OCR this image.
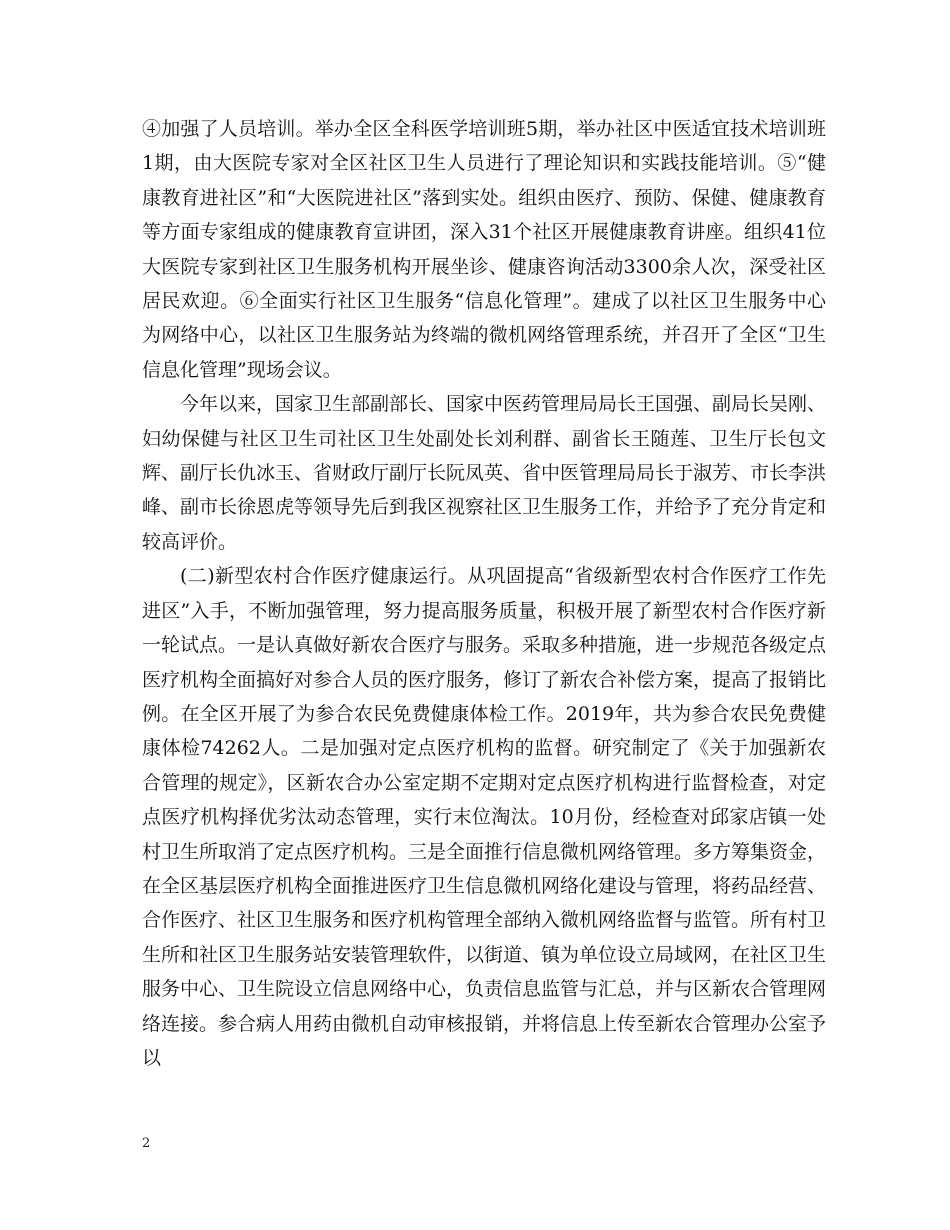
④加强了人员培训。举办全区全科医学培训班5期，举办社区中医适宜技术培训班1期，由大医院专家对全区社区卫生人员进行了理论知识和实践技能培训。⑤“健康教育进社区”和“大医院进社区”落到实处。组织由医疗、预防、保健、健康教育等方面专家组成的健康教育宣讲团，深入31个社区开展健康教育讲座。组织41位大医院专家到社区卫生服务机构开展坐诊、健康咨询活动3300余人次，深受社区居民欢迎。⑥全面实行社区卫生服务“信息化管理”。建成了以社区卫生服务中心为网络中心，以社区卫生服务站为终端的微机网络管理系统，并召开了全区“卫生信息化管理”现场会议。

今年以来，国家卫生部副部长、国家中医药管理局局长王国强、副局长吴刚、妇幼保健与社区卫生司社区卫生处副处长刘利群、副省长王随莲、卫生厅长包文辉、副厅长仇冰玉、省财政厅副厅长阮凤英、省中医管理局局长于淑芳、市长李洪峰、副市长徐恩虎等领导先后到我区视察社区卫生服务工作，并给予了充分肯定和较高评价。

(二)新型农村合作医疗健康运行。从巩固提高“省级新型农村合作医疗工作先进区”入手，不断加强管理，努力提高服务质量，积极开展了新型农村合作医疗新一轮试点。一是认真做好新农合医疗与服务。采取多种措施，进一步规范各级定点医疗机构全面搞好对参合人员的医疗服务，修订了新农合补偿方案，提高了报销比例。在全区开展了为参合农民免费健康体检工作。2019年，共为参合农民免费健康体检74262人。二是加强对定点医疗机构的监督。研究制定了《关于加强新农合管理的规定》，区新农合办公室定期不定期对定点医疗机构进行监督检查，对定点医疗机构择优劣汰动态管理，实行末位淘汰。10月份，经检查对邱家店镇一处村卫生所取消了定点医疗机构。三是全面推行信息微机网络管理。多方筹集资金，在全区基层医疗机构全面推进医疗卫生信息微机网络化建设与管理，将药品经营、合作医疗、社区卫生服务和医疗机构管理全部纳入微机网络监督与监管。所有村卫生所和社区卫生服务站安装管理软件，以街道、镇为单位设立局域网，在社区卫生服务中心、卫生院设立信息网络中心，负责信息监管与汇总，并与区新农合管理网络连接。参合病人用药由微机自动审核报销，并将信息上传至新农合管理办公室予以

2
